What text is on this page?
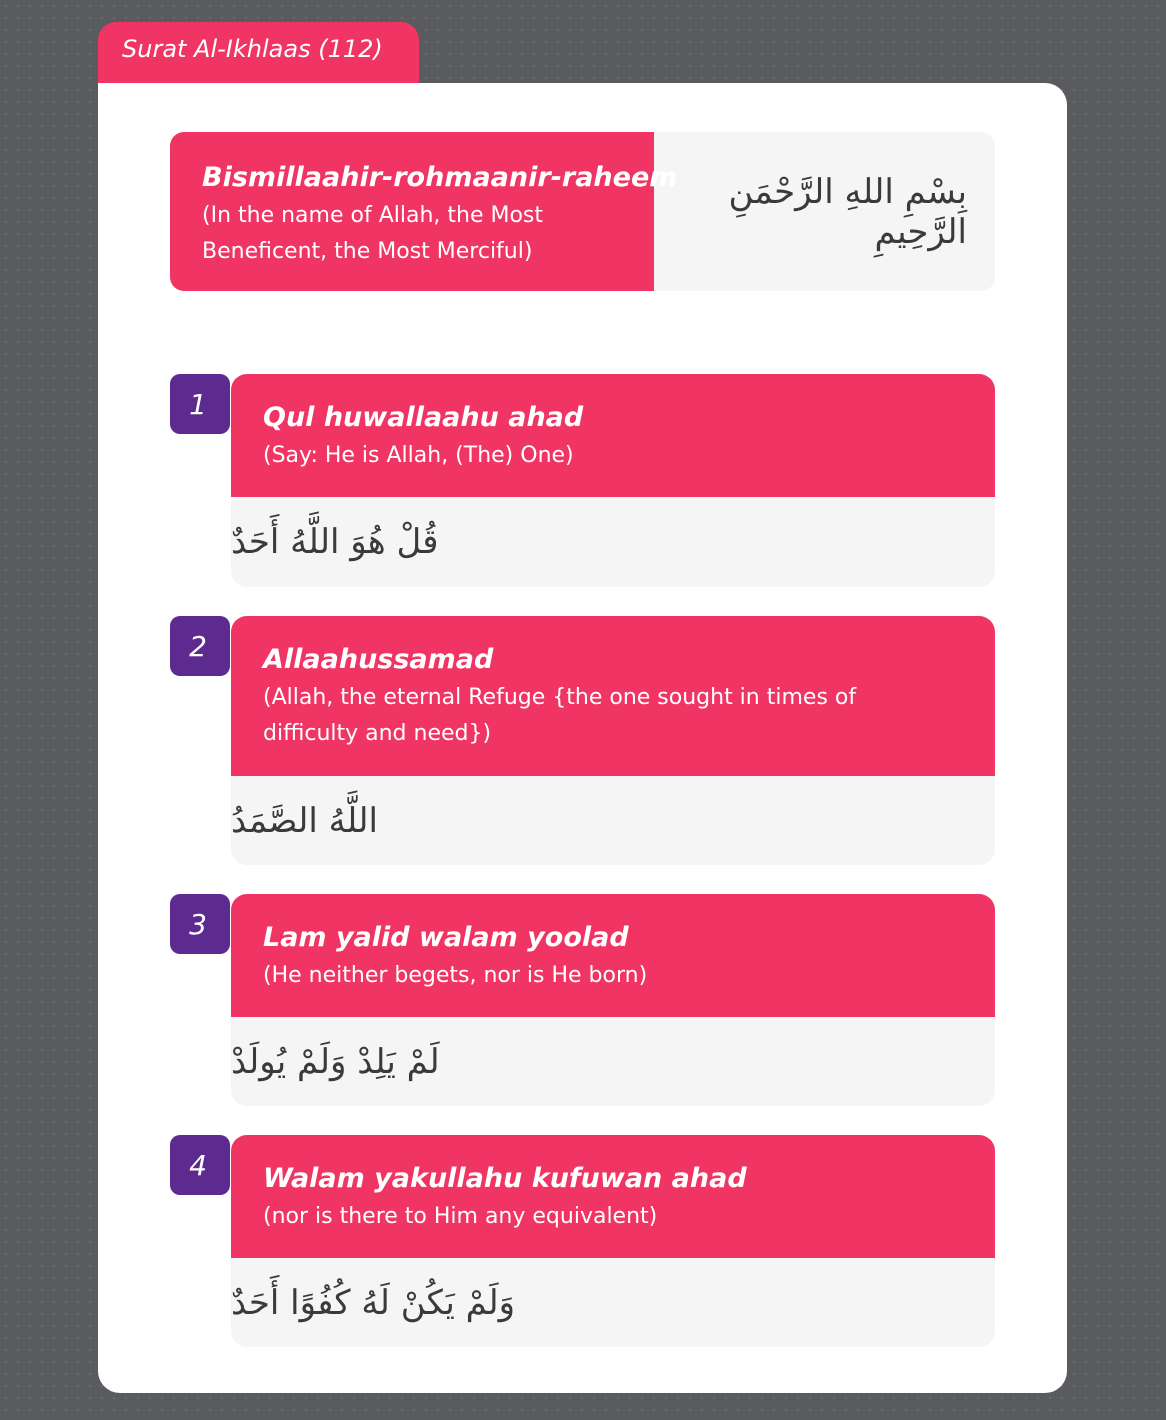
Surat Al-Ikhlaas (112)
Bismillaahir-rohmaanir-raheem
(In the name of Allah, the Most Beneficent, the Most Merciful)
بِسْمِ اللهِ الرَّحْمَنِ الرَّحِيمِ
1 Qul huwallaahu ahad
(Say: He is Allah, (The) One)
قُلْ هُوَ اللَّهُ أَحَدٌ
2 Allaahussamad
(Allah, the eternal Refuge {the one sought in times of difficulty and need})
اللَّهُ الصَّمَدُ
3 Lam yalid walam yoolad
(He neither begets, nor is He born)
لَمْ يَلِدْ وَلَمْ يُولَدْ
4 Walam yakullahu kufuwan ahad
(nor is there to Him any equivalent)
وَلَمْ يَكُنْ لَهُ كُفُوًا أَحَدٌ
